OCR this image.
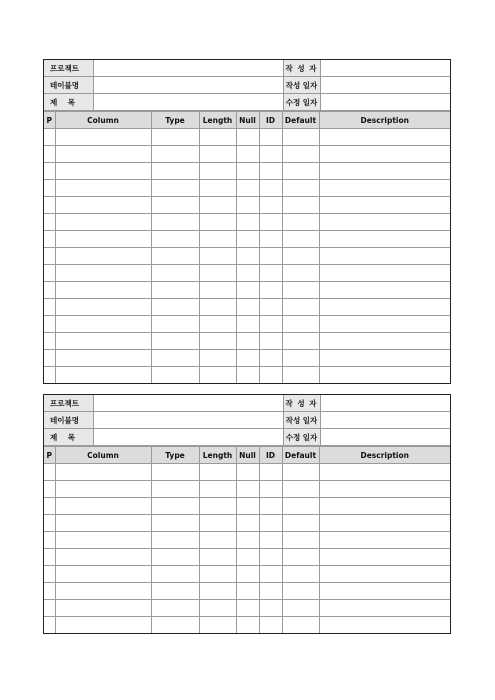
프로젝트		작 성 자	
테이블명		작성 일자	
제    목		수정 일자	
P	Column	Type	Length	Null	ID	Default	Description

프로젝트		작 성 자	
테이블명		작성 일자	
제    목		수정 일자	
P	Column	Type	Length	Null	ID	Default	Description
